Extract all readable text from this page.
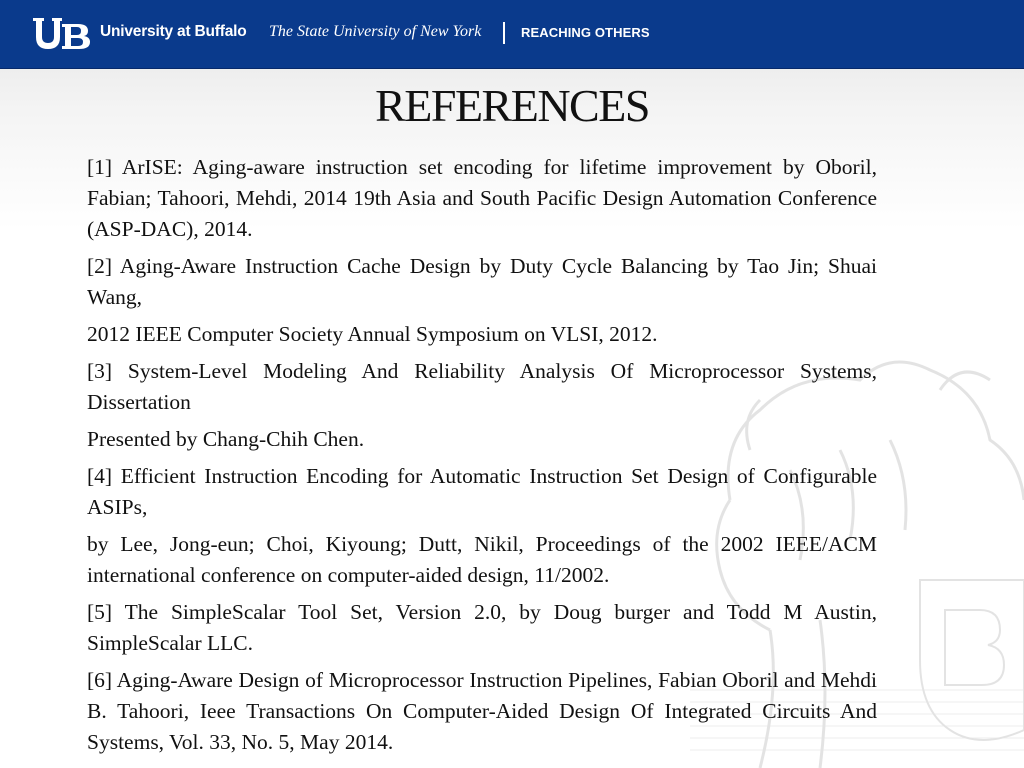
University at Buffalo The State University of New York	REACHING OTHERS
REFERENCES

[1] ArISE: Aging-aware instruction set encoding for lifetime improvement by Oboril, Fabian; Tahoori, Mehdi, 2014 19th Asia and South Pacific Design Automation Conference (ASP-DAC), 2014.

[2] Aging-Aware Instruction Cache Design by Duty Cycle Balancing by Tao Jin; Shuai Wang,

2012 IEEE Computer Society Annual Symposium on VLSI, 2012.

[3] System-Level Modeling And Reliability Analysis Of Microprocessor Systems, Dissertation

Presented by Chang-Chih Chen.

[4] Efficient Instruction Encoding for Automatic Instruction Set Design of Configurable ASIPs,

by Lee, Jong-eun; Choi, Kiyoung; Dutt, Nikil, Proceedings of the 2002 IEEE/ACM international conference on computer-aided design, 11/2002.

[5] The SimpleScalar Tool Set, Version 2.0, by Doug burger and Todd M Austin, SimpleScalar LLC.

[6] Aging-Aware Design of Microprocessor Instruction Pipelines, Fabian Oboril and Mehdi B. Tahoori, Ieee Transactions On Computer-Aided Design Of Integrated Circuits And Systems, Vol. 33, No. 5, May 2014.
